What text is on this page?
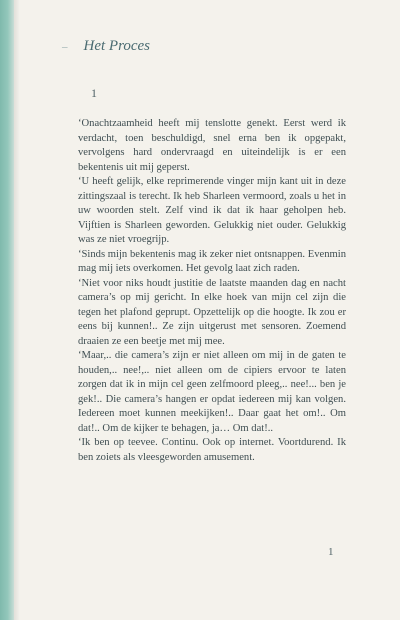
– Het Proces
1

‘Onachtzaamheid heeft mij tenslotte genekt. Eerst werd ik verdacht, toen beschuldigd, snel erna ben ik opgepakt, vervolgens hard ondervraagd en uiteindelijk is er een bekentenis uit mij geperst.

‘U heeft gelijk, elke reprimerende vinger mijn kant uit in deze zittingszaal is terecht. Ik heb Sharleen vermoord, zoals u het in uw woorden stelt. Zelf vind ik dat ik haar geholpen heb. Vijftien is Sharleen geworden. Gelukkig niet ouder. Gelukkig was ze niet vroegrijp.

‘Sinds mijn bekentenis mag ik zeker niet ontsnappen. Evenmin mag mij iets overkomen. Het gevolg laat zich raden.

‘Niet voor niks houdt justitie de laatste maanden dag en nacht camera’s op mij gericht. In elke hoek van mijn cel zijn die tegen het plafond geprupt. Opzettelijk op die hoogte. Ik zou er eens bij kunnen!.. Ze zijn uitgerust met sensoren. Zoemend draaien ze een beetje met mij mee.

‘Maar,.. die camera’s zijn er niet alleen om mij in de gaten te houden,.. nee!,.. niet alleen om de cipiers ervoor te laten zorgen dat ik in mijn cel geen zelfmoord pleeg,.. nee!... ben je gek!.. Die camera’s hangen er opdat iedereen mij kan volgen. Iedereen moet kunnen meekijken!.. Daar gaat het om!.. Om dat!.. Om de kijker te behagen, ja… Om dat!..

‘Ik ben op teevee. Continu. Ook op internet. Voortdurend. Ik ben zoiets als vleesgeworden amusement.

1
